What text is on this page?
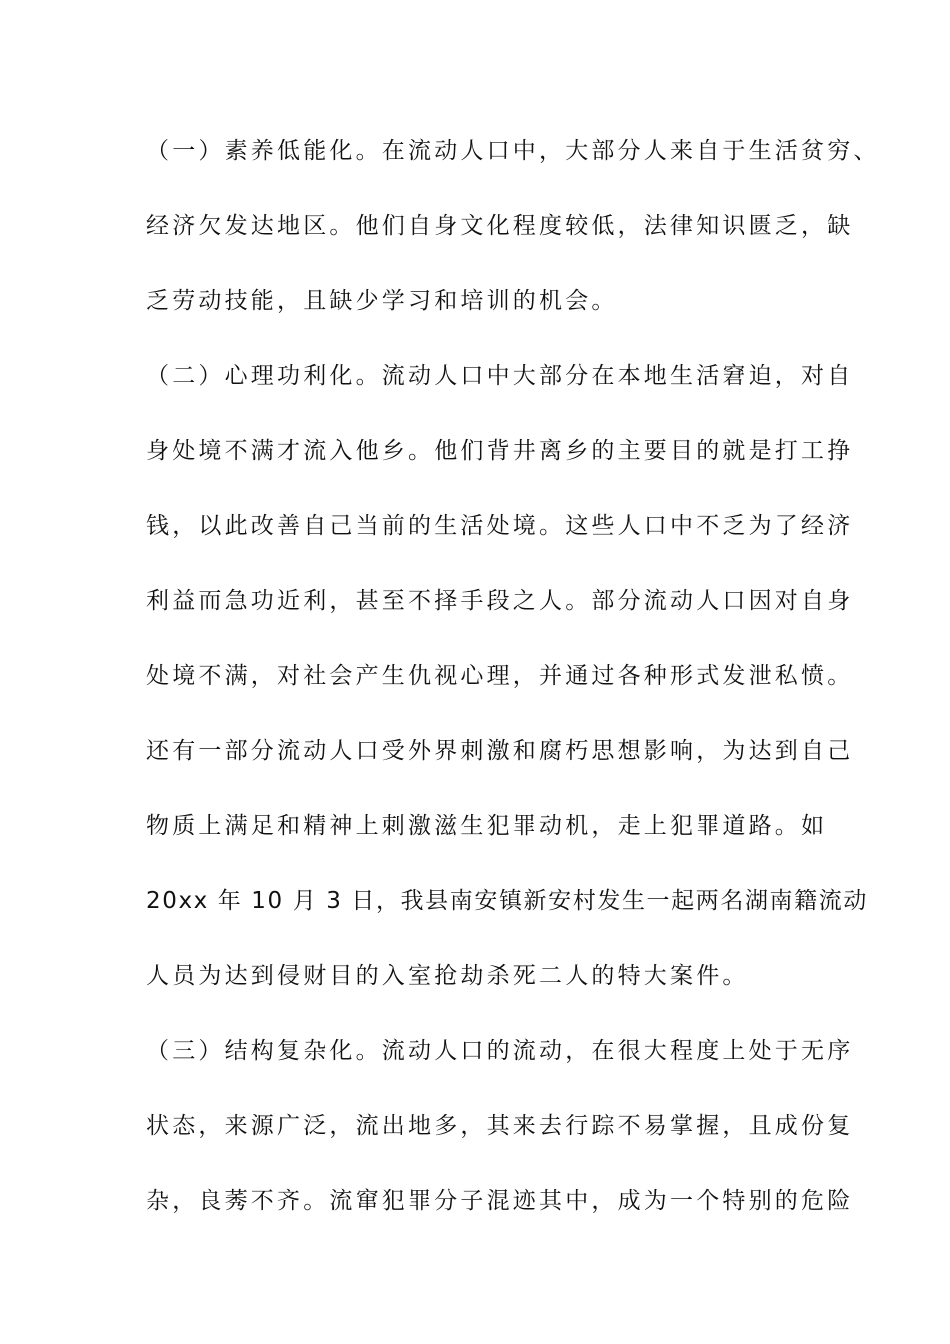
（一）素养低能化。在流动人口中，大部分人来自于生活贫穷、
经济欠发达地区。他们自身文化程度较低，法律知识匮乏，缺
乏劳动技能，且缺少学习和培训的机会。
（二）心理功利化。流动人口中大部分在本地生活窘迫，对自
身处境不满才流入他乡。他们背井离乡的主要目的就是打工挣
钱，以此改善自己当前的生活处境。这些人口中不乏为了经济
利益而急功近利，甚至不择手段之人。部分流动人口因对自身
处境不满，对社会产生仇视心理，并通过各种形式发泄私愤。
还有一部分流动人口受外界刺激和腐朽思想影响，为达到自己
物质上满足和精神上刺激滋生犯罪动机，走上犯罪道路。如
20xx 年 10 月 3 日，我县南安镇新安村发生一起两名湖南籍流动
人员为达到侵财目的入室抢劫杀死二人的特大案件。
（三）结构复杂化。流动人口的流动，在很大程度上处于无序
状态，来源广泛，流出地多，其来去行踪不易掌握，且成份复
杂，良莠不齐。流窜犯罪分子混迹其中，成为一个特别的危险
